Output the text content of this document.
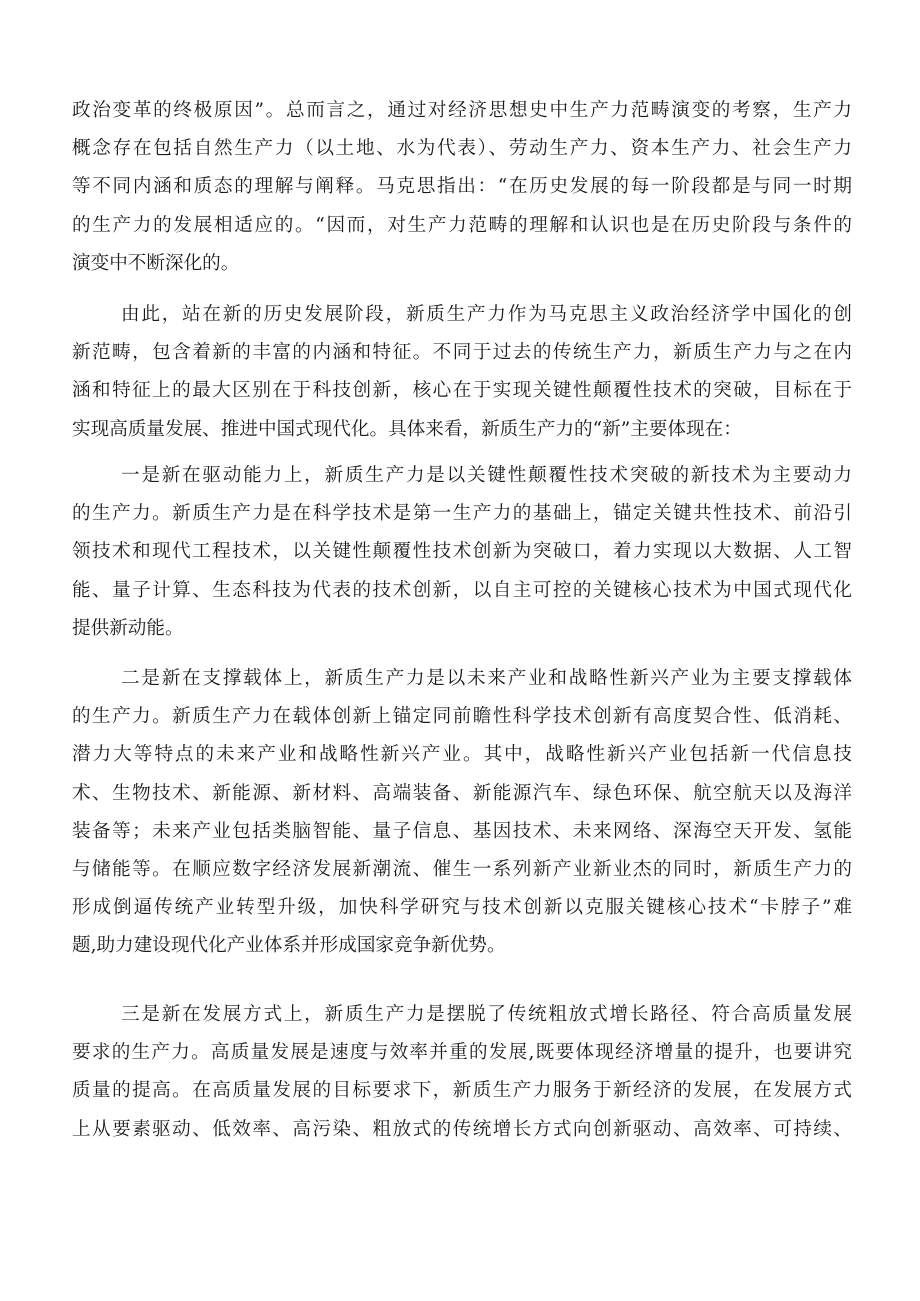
政治变革的终极原因”。总而言之，通过对经济思想史中生产力范畴演变的考察，生产力
概念存在包括自然生产力（以土地、水为代表）、劳动生产力、资本生产力、社会生产力
等不同内涵和质态的理解与阐释。马克思指出：“在历史发展的每一阶段都是与同一时期
的生产力的发展相适应的。“因而，对生产力范畴的理解和认识也是在历史阶段与条件的
演变中不断深化的。
由此，站在新的历史发展阶段，新质生产力作为马克思主义政治经济学中国化的创
新范畴，包含着新的丰富的内涵和特征。不同于过去的传统生产力，新质生产力与之在内
涵和特征上的最大区别在于科技创新，核心在于实现关键性颠覆性技术的突破，目标在于
实现高质量发展、推进中国式现代化。具体来看，新质生产力的“新”主要体现在：
一是新在驱动能力上，新质生产力是以关键性颠覆性技术突破的新技术为主要动力
的生产力。新质生产力是在科学技术是第一生产力的基础上，锚定关键共性技术、前沿引
领技术和现代工程技术，以关键性颠覆性技术创新为突破口，着力实现以大数据、人工智
能、量子计算、生态科技为代表的技术创新，以自主可控的关键核心技术为中国式现代化
提供新动能。
二是新在支撑载体上，新质生产力是以未来产业和战略性新兴产业为主要支撑载体
的生产力。新质生产力在载体创新上锚定同前瞻性科学技术创新有高度契合性、低消耗、
潜力大等特点的未来产业和战略性新兴产业。其中，战略性新兴产业包括新一代信息技
术、生物技术、新能源、新材料、高端装备、新能源汽车、绿色环保、航空航天以及海洋
装备等；未来产业包括类脑智能、量子信息、基因技术、未来网络、深海空天开发、氢能
与储能等。在顺应数字经济发展新潮流、催生一系列新产业新业杰的同时，新质生产力的
形成倒逼传统产业转型升级，加快科学研究与技术创新以克服关键核心技术“卡脖子”难
题,助力建设现代化产业体系并形成国家竞争新优势。
三是新在发展方式上，新质生产力是摆脱了传统粗放式增长路径、符合高质量发展
要求的生产力。高质量发展是速度与效率并重的发展,既要体现经济增量的提升，也要讲究
质量的提高。在高质量发展的目标要求下，新质生产力服务于新经济的发展，在发展方式
上从要素驱动、低效率、高污染、粗放式的传统增长方式向创新驱动、高效率、可持续、
